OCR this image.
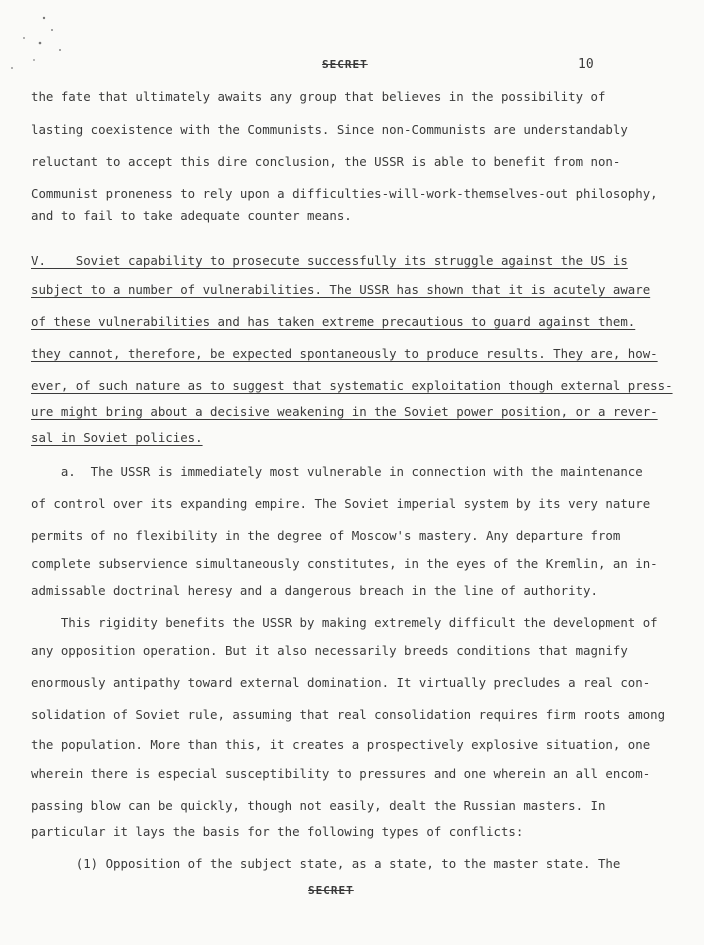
SECRET	10
the fate that ultimately awaits any group that believes in the possibility of
lasting coexistence with the Communists. Since non-Communists are understandably
reluctant to accept this dire conclusion, the USSR is able to benefit from non-
Communist proneness to rely upon a difficulties-will-work-themselves-out philosophy,
and to fail to take adequate counter means.
V.    Soviet capability to prosecute successfully its struggle against the US is
subject to a number of vulnerabilities. The USSR has shown that it is acutely aware
of these vulnerabilities and has taken extreme precautious to guard against them.
they cannot, therefore, be expected spontaneously to produce results. They are, how-
ever, of such nature as to suggest that systematic exploitation though external press-
ure might bring about a decisive weakening in the Soviet power position, or a rever-
sal in Soviet policies.
a.  The USSR is immediately most vulnerable in connection with the maintenance
of control over its expanding empire. The Soviet imperial system by its very nature
permits of no flexibility in the degree of Moscow's mastery. Any departure from
complete subservience simultaneously constitutes, in the eyes of the Kremlin, an in-
admissable doctrinal heresy and a dangerous breach in the line of authority.
This rigidity benefits the USSR by making extremely difficult the development of
any opposition operation. But it also necessarily breeds conditions that magnify
enormously antipathy toward external domination. It virtually precludes a real con-
solidation of Soviet rule, assuming that real consolidation requires firm roots among
the population. More than this, it creates a prospectively explosive situation, one
wherein there is especial susceptibility to pressures and one wherein an all encom-
passing blow can be quickly, though not easily, dealt the Russian masters. In
particular it lays the basis for the following types of conflicts:
(1) Opposition of the subject state, as a state, to the master state. The
SECRET
